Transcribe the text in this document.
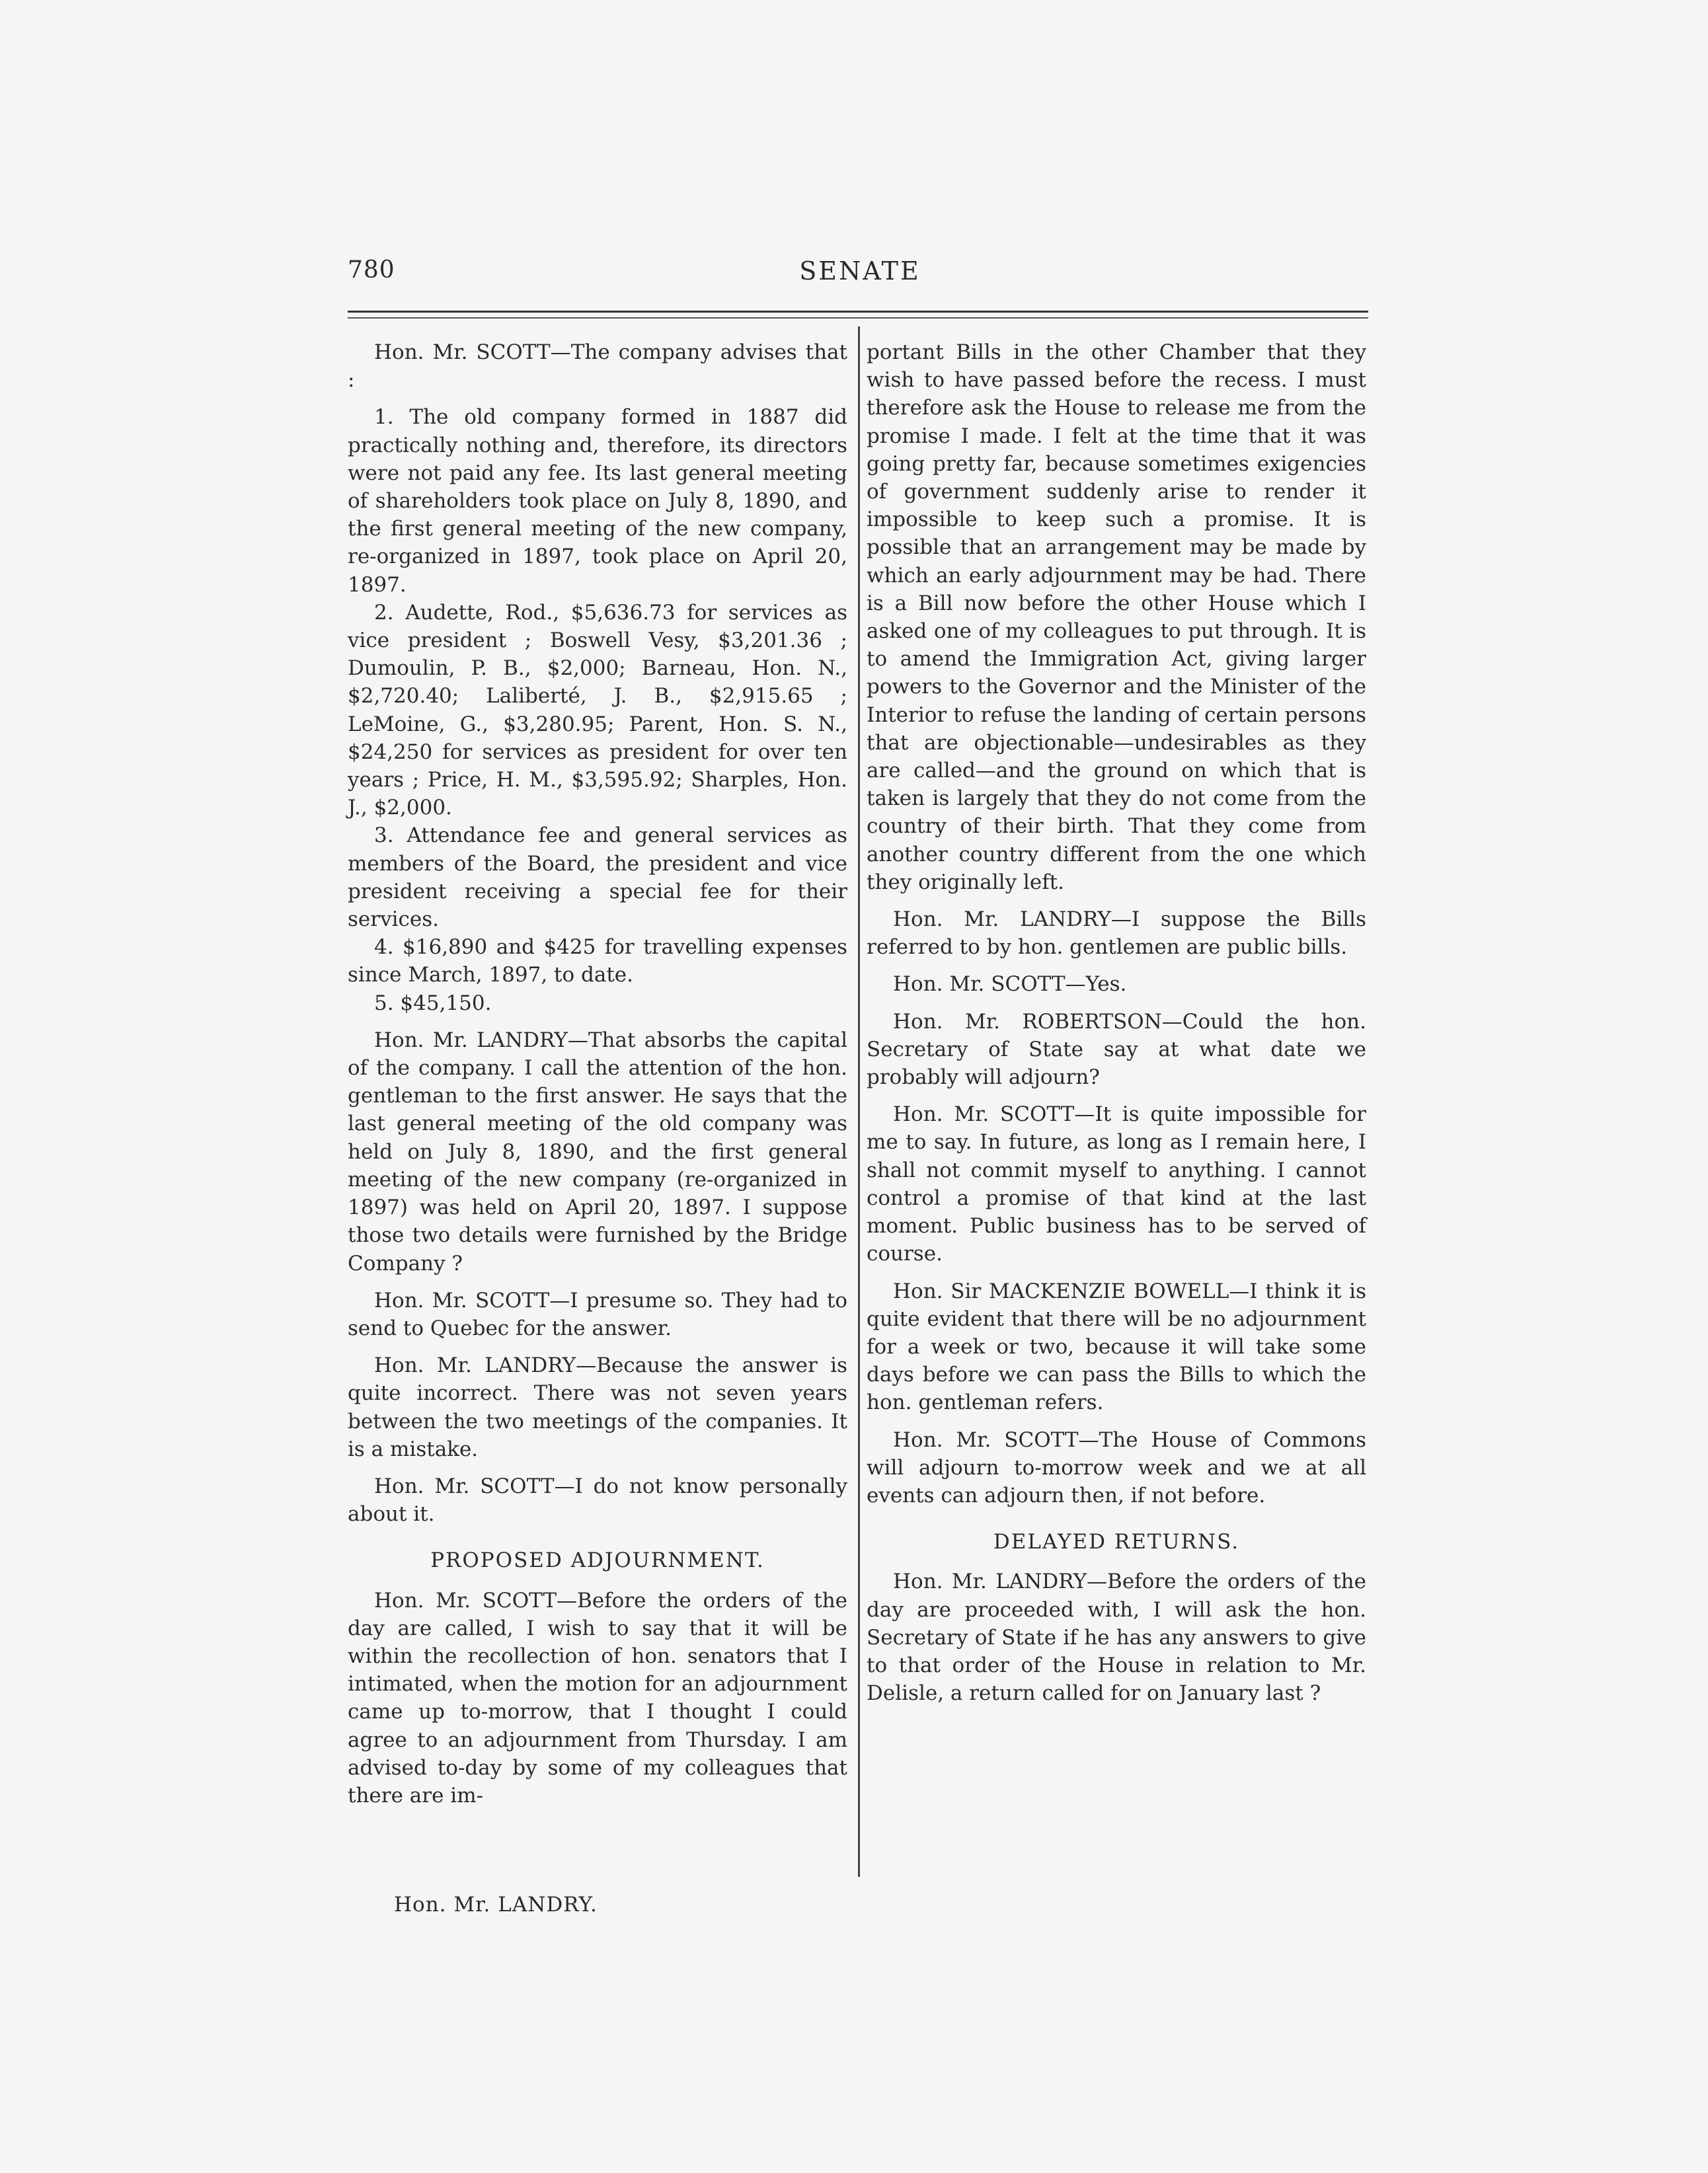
780	SENATE

Hon. Mr. SCOTT—The company advises that :

1. The old company formed in 1887 did practically nothing and, therefore, its directors were not paid any fee. Its last general meeting of shareholders took place on July 8, 1890, and the first general meeting of the new company, re-organized in 1897, took place on April 20, 1897.

2. Audette, Rod., $5,636.73 for services as vice president ; Boswell Vesy, $3,201.36 ; Dumoulin, P. B., $2,000; Barneau, Hon. N., $2,720.40; Laliberté, J. B., $2,915.65 ; LeMoine, G., $3,280.95; Parent, Hon. S. N., $24,250 for services as president for over ten years ; Price, H. M., $3,595.92; Sharples, Hon. J., $2,000.

3. Attendance fee and general services as members of the Board, the president and vice president receiving a special fee for their services.

4. $16,890 and $425 for travelling expenses since March, 1897, to date.

5. $45,150.

Hon. Mr. LANDRY—That absorbs the capital of the company. I call the attention of the hon. gentleman to the first answer. He says that the last general meeting of the old company was held on July 8, 1890, and the first general meeting of the new company (re-organized in 1897) was held on April 20, 1897. I suppose those two details were furnished by the Bridge Company ?

Hon. Mr. SCOTT—I presume so. They had to send to Quebec for the answer.

Hon. Mr. LANDRY—Because the answer is quite incorrect. There was not seven years between the two meetings of the companies. It is a mistake.

Hon. Mr. SCOTT—I do not know personally about it.

PROPOSED ADJOURNMENT.

Hon. Mr. SCOTT—Before the orders of the day are called, I wish to say that it will be within the recollection of hon. senators that I intimated, when the motion for an adjournment came up to-morrow, that I thought I could agree to an adjournment from Thursday. I am advised to-day by some of my colleagues that there are im-

portant Bills in the other Chamber that they wish to have passed before the recess. I must therefore ask the House to release me from the promise I made. I felt at the time that it was going pretty far, because sometimes exigencies of government suddenly arise to render it impossible to keep such a promise. It is possible that an arrangement may be made by which an early adjournment may be had. There is a Bill now before the other House which I asked one of my colleagues to put through. It is to amend the Immigration Act, giving larger powers to the Governor and the Minister of the Interior to refuse the landing of certain persons that are objectionable—undesirables as they are called—and the ground on which that is taken is largely that they do not come from the country of their birth. That they come from another country different from the one which they originally left.

Hon. Mr. LANDRY—I suppose the Bills referred to by hon. gentlemen are public bills.

Hon. Mr. SCOTT—Yes.

Hon. Mr. ROBERTSON—Could the hon. Secretary of State say at what date we probably will adjourn?

Hon. Mr. SCOTT—It is quite impossible for me to say. In future, as long as I remain here, I shall not commit myself to anything. I cannot control a promise of that kind at the last moment. Public business has to be served of course.

Hon. Sir MACKENZIE BOWELL—I think it is quite evident that there will be no adjournment for a week or two, because it will take some days before we can pass the Bills to which the hon. gentleman refers.

Hon. Mr. SCOTT—The House of Commons will adjourn to-morrow week and we at all events can adjourn then, if not before.

DELAYED RETURNS.

Hon. Mr. LANDRY—Before the orders of the day are proceeded with, I will ask the hon. Secretary of State if he has any answers to give to that order of the House in relation to Mr. Delisle, a return called for on January last ?

Hon. Mr. LANDRY.
